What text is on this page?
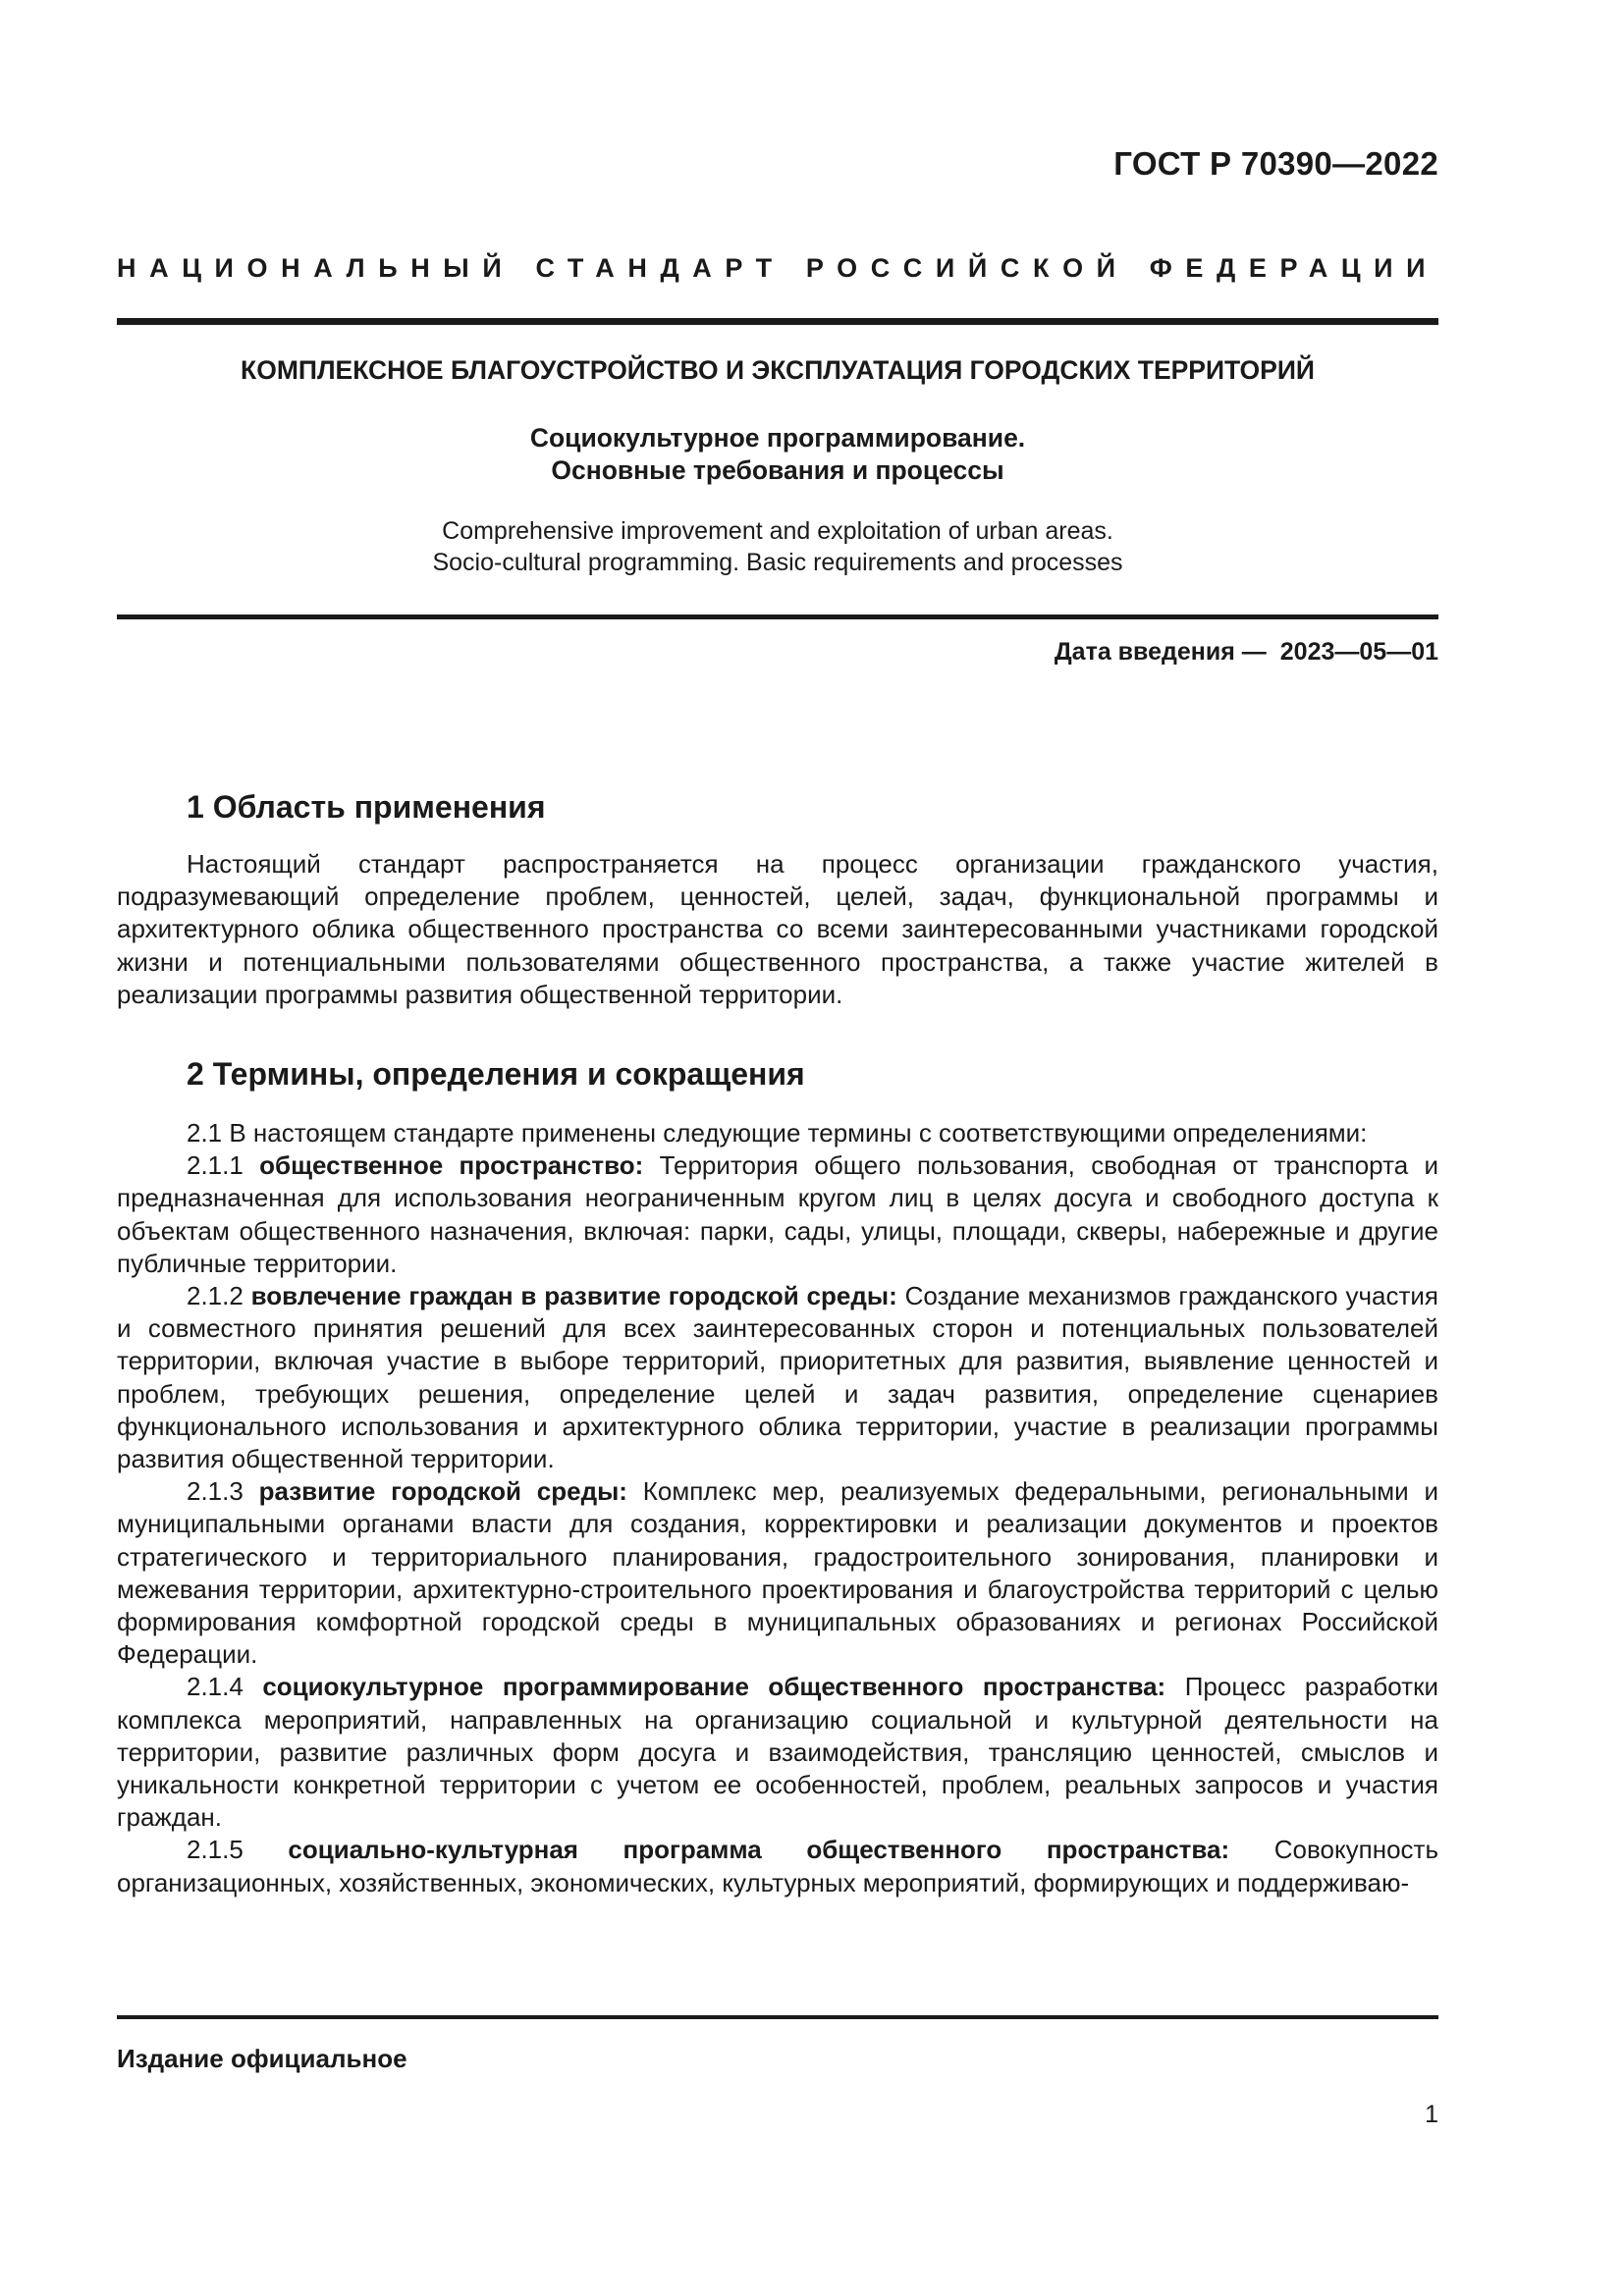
ГОСТ Р 70390—2022

НАЦИОНАЛЬНЫЙ СТАНДАРТ РОССИЙСКОЙ ФЕДЕРАЦИИ

КОМПЛЕКСНОЕ БЛАГОУСТРОЙСТВО И ЭКСПЛУАТАЦИЯ ГОРОДСКИХ ТЕРРИТОРИЙ
Социокультурное программирование.
Основные требования и процессы
Comprehensive improvement and exploitation of urban areas.
Socio-cultural programming. Basic requirements and processes

Дата введения — 2023—05—01

1 Область применения

Настоящий стандарт распространяется на процесс организации гражданского участия, подразумевающий определение проблем, ценностей, целей, задач, функциональной программы и архитектурного облика общественного пространства со всеми заинтересованными участниками городской жизни и потенциальными пользователями общественного пространства, а также участие жителей в реализации программы развития общественной территории.

2 Термины, определения и сокращения

2.1 В настоящем стандарте применены следующие термины с соответствующими определениями:

2.1.1 общественное пространство: Территория общего пользования, свободная от транспорта и предназначенная для использования неограниченным кругом лиц в целях досуга и свободного доступа к объектам общественного назначения, включая: парки, сады, улицы, площади, скверы, набережные и другие публичные территории.

2.1.2 вовлечение граждан в развитие городской среды: Создание механизмов гражданского участия и совместного принятия решений для всех заинтересованных сторон и потенциальных пользователей территории, включая участие в выборе территорий, приоритетных для развития, выявление ценностей и проблем, требующих решения, определение целей и задач развития, определение сценариев функционального использования и архитектурного облика территории, участие в реализации программы развития общественной территории.

2.1.3 развитие городской среды: Комплекс мер, реализуемых федеральными, региональными и муниципальными органами власти для создания, корректировки и реализации документов и проектов стратегического и территориального планирования, градостроительного зонирования, планировки и межевания территории, архитектурно-строительного проектирования и благоустройства территорий с целью формирования комфортной городской среды в муниципальных образованиях и регионах Российской Федерации.

2.1.4 социокультурное программирование общественного пространства: Процесс разработки комплекса мероприятий, направленных на организацию социальной и культурной деятельности на территории, развитие различных форм досуга и взаимодействия, трансляцию ценностей, смыслов и уникальности конкретной территории с учетом ее особенностей, проблем, реальных запросов и участия граждан.

2.1.5 социально-культурная программа общественного пространства: Совокупность организационных, хозяйственных, экономических, культурных мероприятий, формирующих и поддерживаю-

Издание официальное

1
